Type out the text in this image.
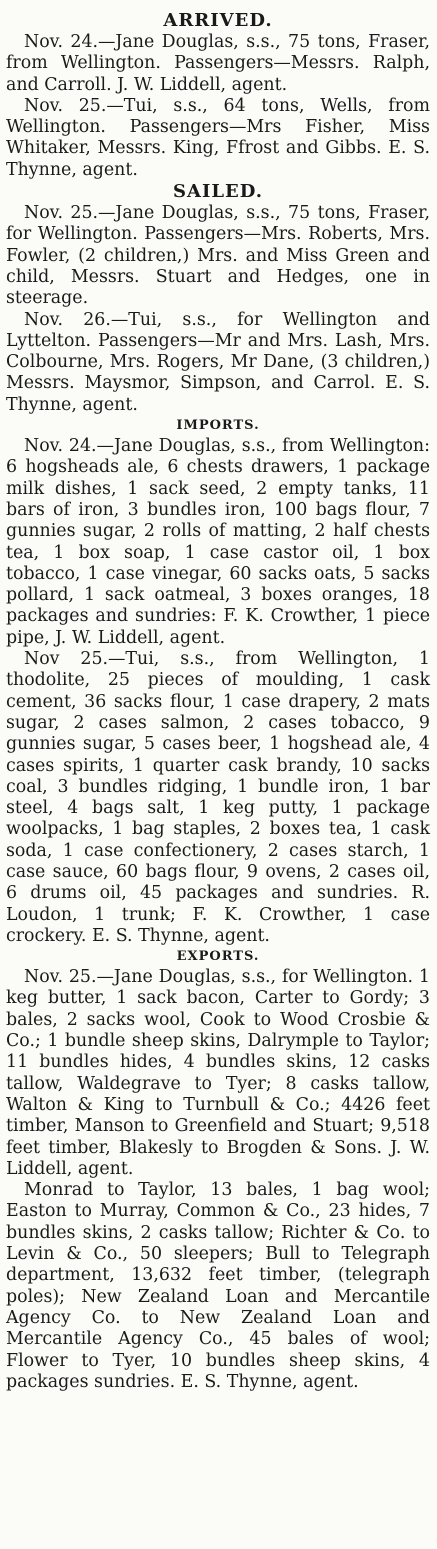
ARRIVED.

Nov. 24.—Jane Douglas, s.s., 75 tons, Fraser, from Wellington. Passengers—Messrs. Ralph, and Carroll. J. W. Liddell, agent.

Nov. 25.—Tui, s.s., 64 tons, Wells, from Wellington. Passengers—Mrs Fisher, Miss Whitaker, Messrs. King, Ffrost and Gibbs. E. S. Thynne, agent.

SAILED.

Nov. 25.—Jane Douglas, s.s., 75 tons, Fraser, for Wellington. Passengers—Mrs. Roberts, Mrs. Fowler, (2 children,) Mrs. and Miss Green and child, Messrs. Stuart and Hedges, one in steerage.

Nov. 26.—Tui, s.s., for Wellington and Lyttelton. Passengers—Mr and Mrs. Lash, Mrs. Colbourne, Mrs. Rogers, Mr Dane, (3 children,) Messrs. Maysmor, Simpson, and Carrol. E. S. Thynne, agent.

IMPORTS.

Nov. 24.—Jane Douglas, s.s., from Wellington: 6 hogsheads ale, 6 chests drawers, 1 package milk dishes, 1 sack seed, 2 empty tanks, 11 bars of iron, 3 bundles iron, 100 bags flour, 7 gunnies sugar, 2 rolls of matting, 2 half chests tea, 1 box soap, 1 case castor oil, 1 box tobacco, 1 case vinegar, 60 sacks oats, 5 sacks pollard, 1 sack oatmeal, 3 boxes oranges, 18 packages and sundries: F. K. Crowther, 1 piece pipe, J. W. Liddell, agent.

Nov 25.—Tui, s.s., from Wellington, 1 thodolite, 25 pieces of moulding, 1 cask cement, 36 sacks flour, 1 case drapery, 2 mats sugar, 2 cases salmon, 2 cases tobacco, 9 gunnies sugar, 5 cases beer, 1 hogshead ale, 4 cases spirits, 1 quarter cask brandy, 10 sacks coal, 3 bundles ridging, 1 bundle iron, 1 bar steel, 4 bags salt, 1 keg putty, 1 package woolpacks, 1 bag staples, 2 boxes tea, 1 cask soda, 1 case confectionery, 2 cases starch, 1 case sauce, 60 bags flour, 9 ovens, 2 cases oil, 6 drums oil, 45 packages and sundries. R. Loudon, 1 trunk; F. K. Crowther, 1 case crockery. E. S. Thynne, agent.

EXPORTS.

Nov. 25.—Jane Douglas, s.s., for Wellington. 1 keg butter, 1 sack bacon, Carter to Gordy; 3 bales, 2 sacks wool, Cook to Wood Crosbie & Co.; 1 bundle sheep skins, Dalrymple to Taylor; 11 bundles hides, 4 bundles skins, 12 casks tallow, Waldegrave to Tyer; 8 casks tallow, Walton & King to Turnbull & Co.; 4426 feet timber, Manson to Greenfield and Stuart; 9,518 feet timber, Blakesly to Brogden & Sons. J. W. Liddell, agent.

Monrad to Taylor, 13 bales, 1 bag wool; Easton to Murray, Common & Co., 23 hides, 7 bundles skins, 2 casks tallow; Richter & Co. to Levin & Co., 50 sleepers; Bull to Telegraph department, 13,632 feet timber, (telegraph poles); New Zealand Loan and Mercantile Agency Co. to New Zealand Loan and Mercantile Agency Co., 45 bales of wool; Flower to Tyer, 10 bundles sheep skins, 4 packages sundries. E. S. Thynne, agent.
